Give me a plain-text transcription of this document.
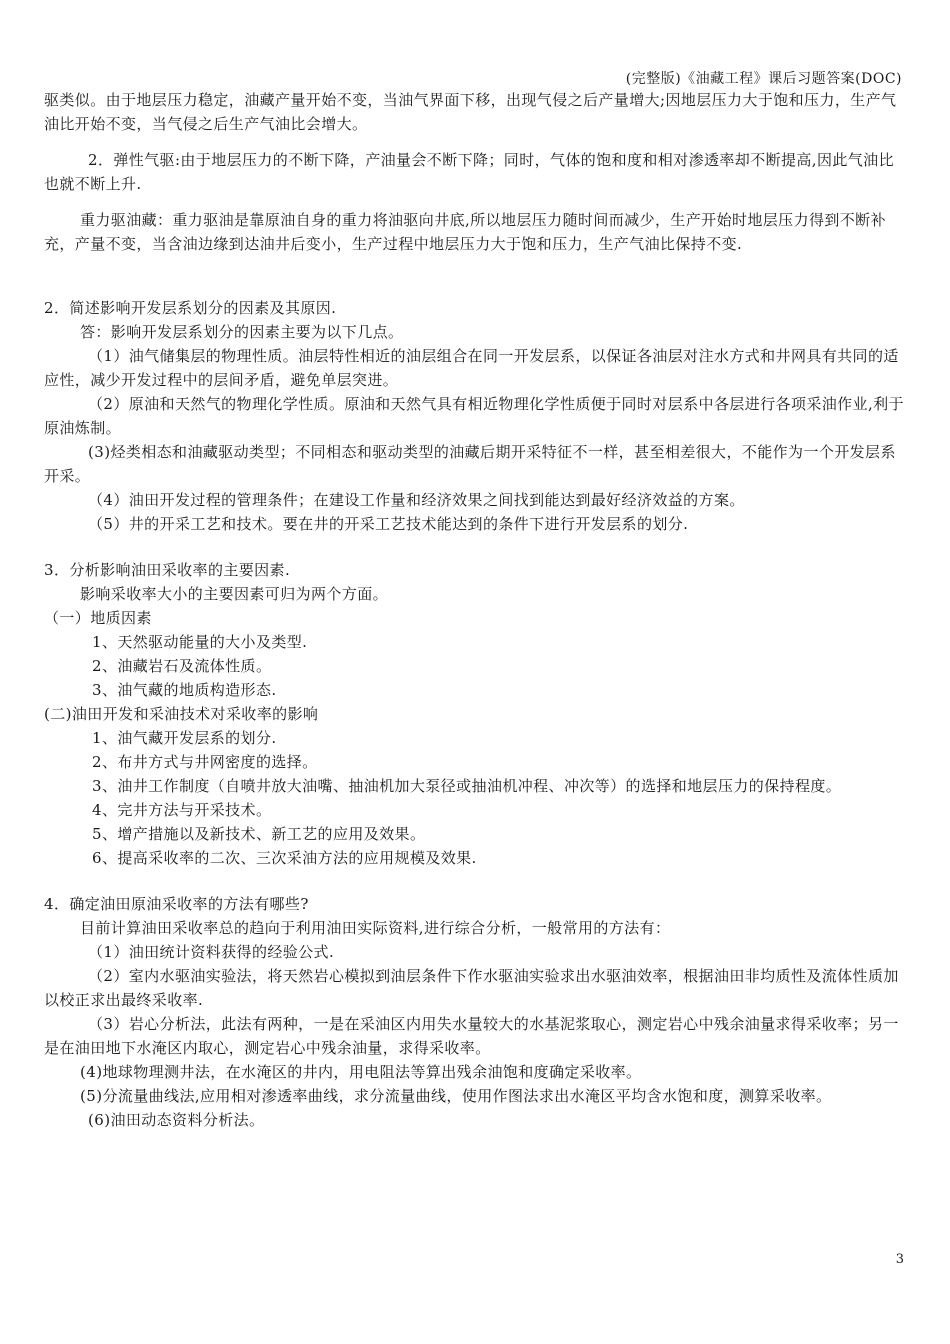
(完整版)《油藏工程》课后习题答案(DOC)

驱类似。由于地层压力稳定，油藏产量开始不变，当油气界面下移，出现气侵之后产量增大;因地层压力大于饱和压力，生产气油比开始不变，当气侵之后生产气油比会增大。

2．弹性气驱:由于地层压力的不断下降，产油量会不断下降；同时，气体的饱和度和相对渗透率却不断提高,因此气油比也就不断上升.

重力驱油藏：重力驱油是靠原油自身的重力将油驱向井底,所以地层压力随时间而减少，生产开始时地层压力得到不断补充，产量不变，当含油边缘到达油井后变小，生产过程中地层压力大于饱和压力，生产气油比保持不变.

2．简述影响开发层系划分的因素及其原因.

答：影响开发层系划分的因素主要为以下几点。

（1）油气储集层的物理性质。油层特性相近的油层组合在同一开发层系，以保证各油层对注水方式和井网具有共同的适应性，减少开发过程中的层间矛盾，避免单层突进。

（2）原油和天然气的物理化学性质。原油和天然气具有相近物理化学性质便于同时对层系中各层进行各项采油作业,利于原油炼制。

(3)烃类相态和油藏驱动类型；不同相态和驱动类型的油藏后期开采特征不一样，甚至相差很大，不能作为一个开发层系开采。

（4）油田开发过程的管理条件；在建设工作量和经济效果之间找到能达到最好经济效益的方案。

（5）井的开采工艺和技术。要在井的开采工艺技术能达到的条件下进行开发层系的划分.

3．分析影响油田采收率的主要因素.

影响采收率大小的主要因素可归为两个方面。

（一）地质因素

1、天然驱动能量的大小及类型.

2、油藏岩石及流体性质。

3、油气藏的地质构造形态.

(二)油田开发和采油技术对采收率的影响

1、油气藏开发层系的划分.

2、布井方式与井网密度的选择。

3、油井工作制度（自喷井放大油嘴、抽油机加大泵径或抽油机冲程、冲次等）的选择和地层压力的保持程度。

4、完井方法与开采技术。

5、增产措施以及新技术、新工艺的应用及效果。

6、提高采收率的二次、三次采油方法的应用规模及效果.

4．确定油田原油采收率的方法有哪些?

目前计算油田采收率总的趋向于利用油田实际资料,进行综合分析，一般常用的方法有：

（1）油田统计资料获得的经验公式.

（2）室内水驱油实验法，将天然岩心模拟到油层条件下作水驱油实验求出水驱油效率，根据油田非均质性及流体性质加以校正求出最终采收率.

（3）岩心分析法，此法有两种，一是在采油区内用失水量较大的水基泥浆取心，测定岩心中残余油量求得采收率；另一是在油田地下水淹区内取心，测定岩心中残余油量，求得采收率。

(4)地球物理测井法，在水淹区的井内，用电阻法等算出残余油饱和度确定采收率。

(5)分流量曲线法,应用相对渗透率曲线，求分流量曲线，使用作图法求出水淹区平均含水饱和度，测算采收率。

(6)油田动态资料分析法。

3
